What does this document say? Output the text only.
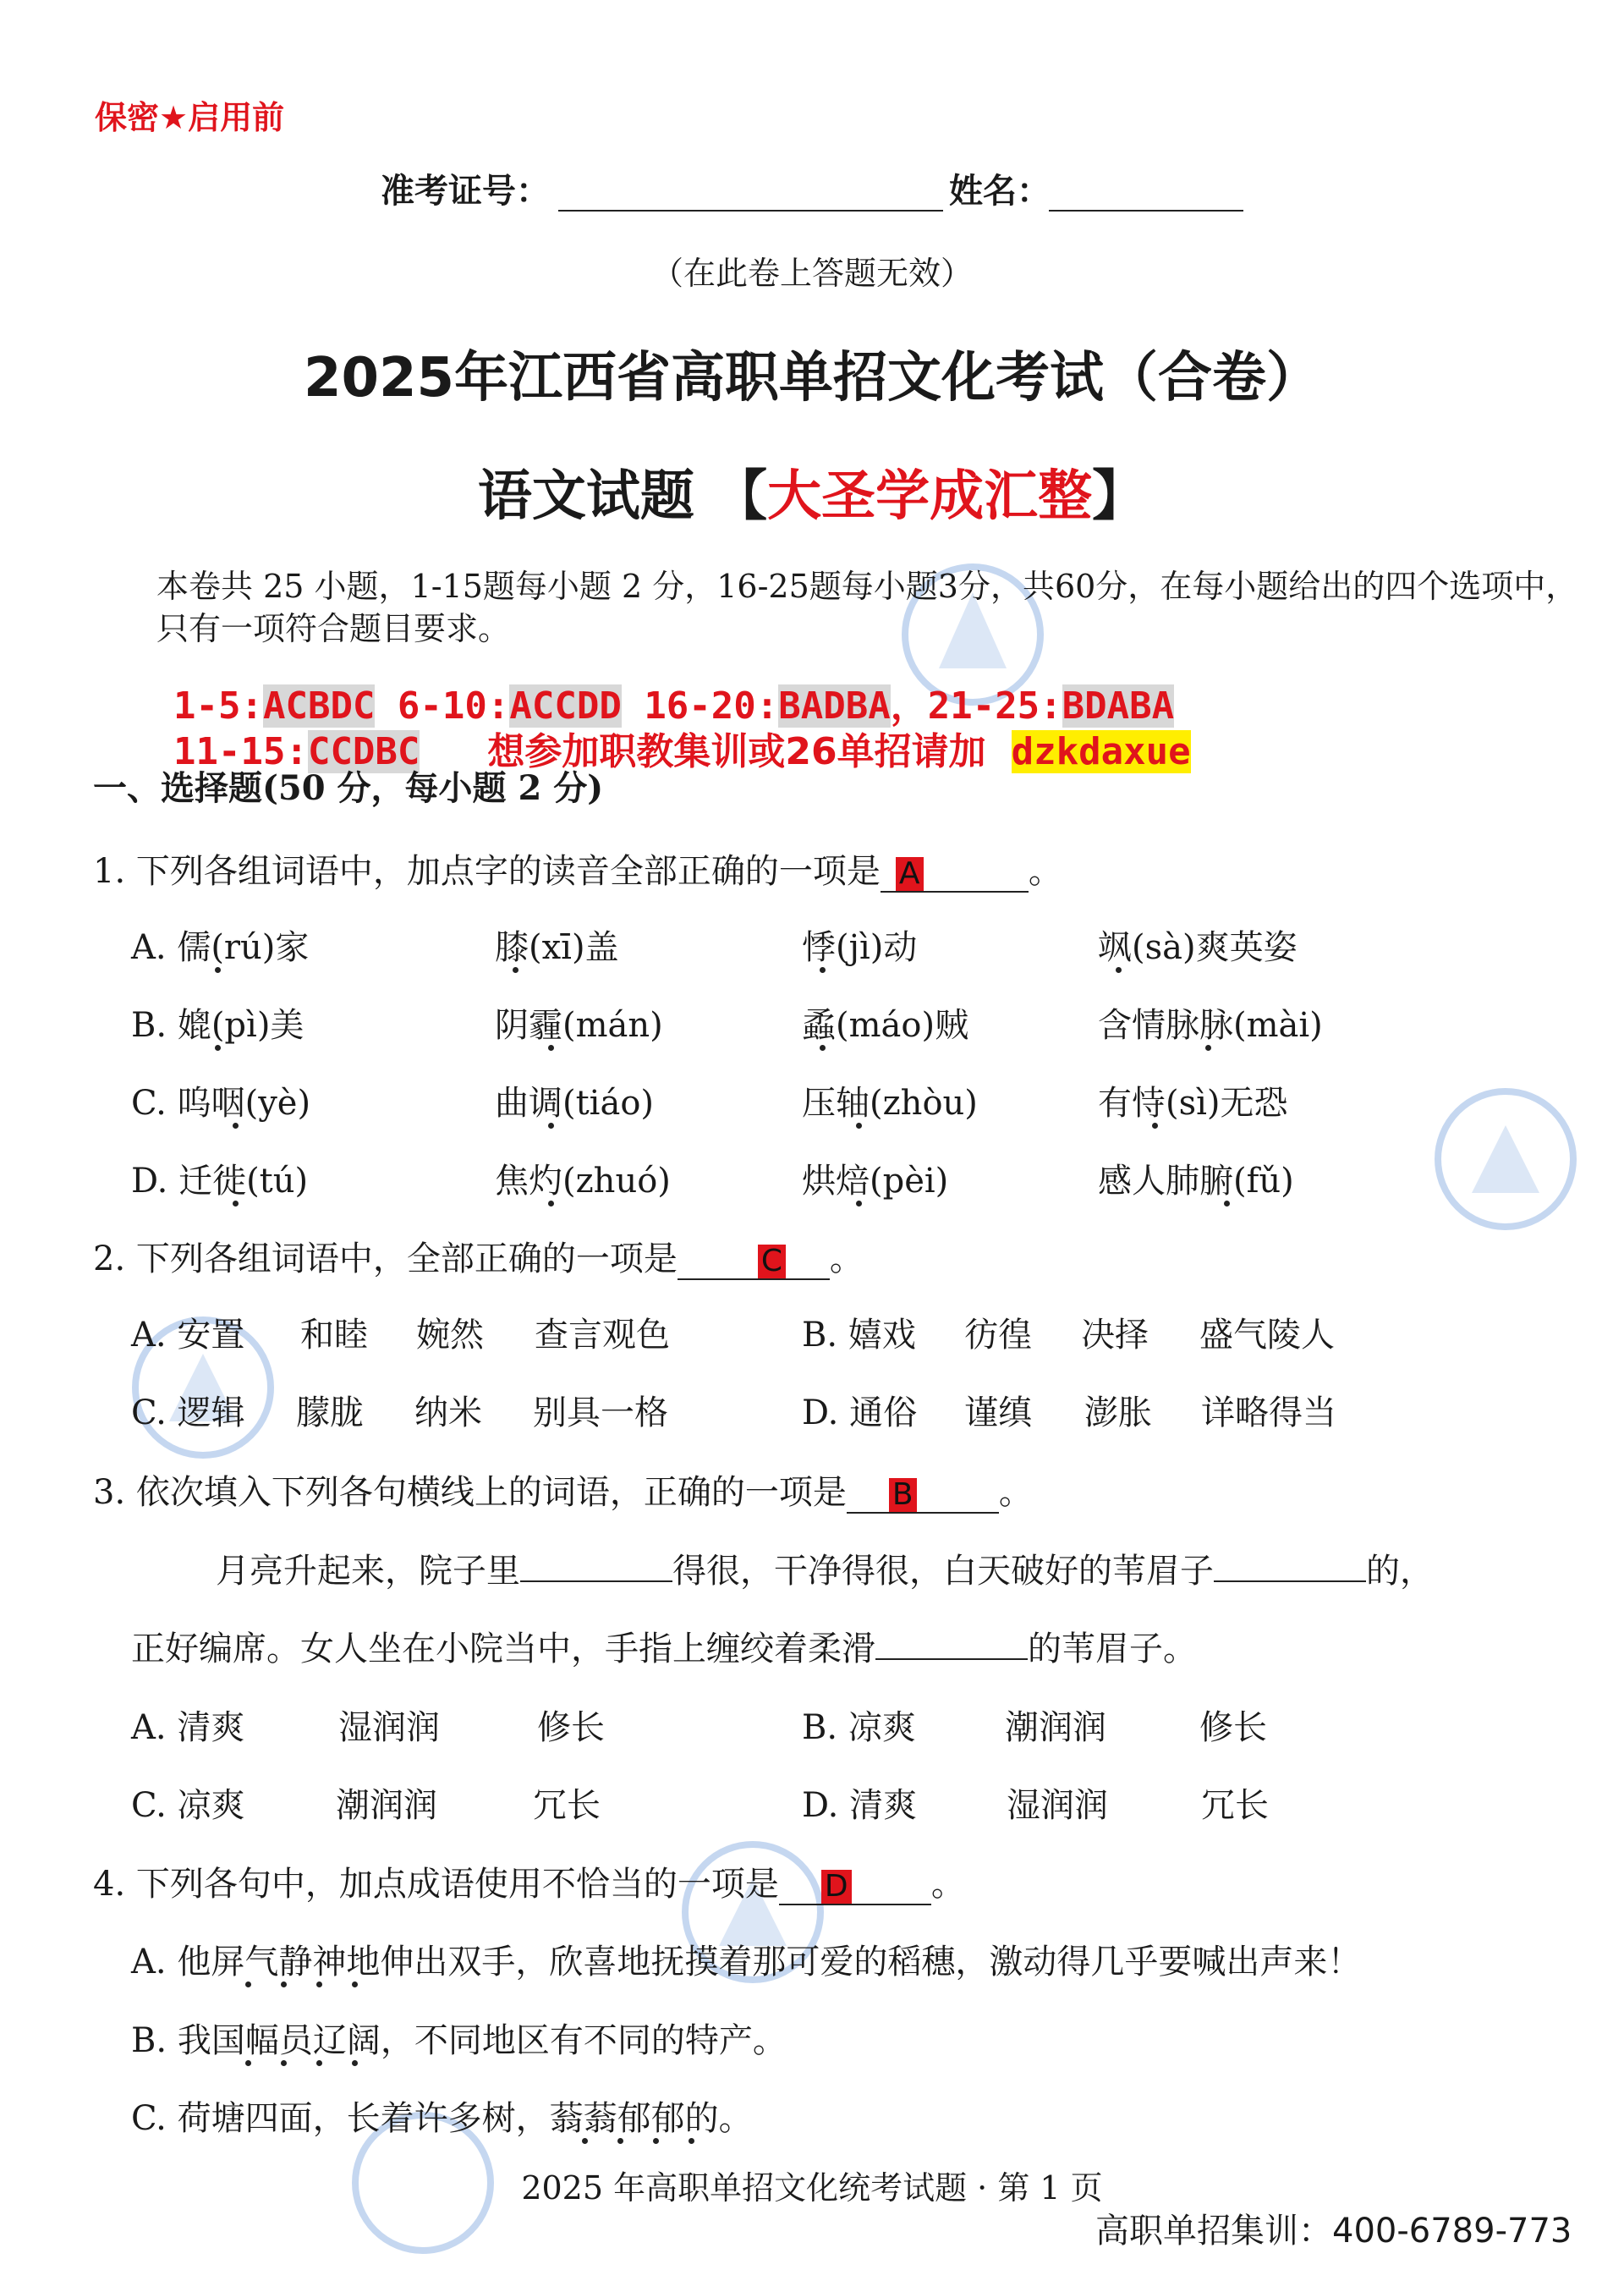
保密★启用前
准考证号：	姓名：
（在此卷上答题无效）
2025年江西省高职单招文化考试（合卷）
语文试题 【大圣学成汇整】
本卷共 25 小题，1-15题每小题 2 分，16-25题每小题3分，共60分，在每小题给出的四个选项中，只有一项符合题目要求。
1-5:ACBDC 6-10:ACCDD 16-20:BADBA，21-25:BDABA
11-15:CCDBC 想参加职教集训或26单招请加 dzkdaxue
一、选择题(50 分，每小题 2 分)
1. 下列各组词语中，加点字的读音全部正确的一项是 A	。
A. 儒(rú)家	膝(xī)盖	悸(jì)动	飒(sà)爽英姿
B. 媲(pì)美	阴霾(mán)	蟊(máo)贼	含情脉脉(mài)
C. 呜咽(yè)	曲调(tiáo)	压轴(zhòu)	有恃(sì)无恐
D. 迁徙(tú)	焦灼(zhuó)	烘焙(pèi)	感人肺腑(fǔ)
2. 下列各组词语中，全部正确的一项是	C 。
A. 安置 和睦 婉然 查言观色	B. 嬉戏 彷徨 决择 盛气陵人
C. 逻辑 朦胧 纳米 别具一格	D. 通俗 谨缜 澎胀 详略得当
3. 依次填入下列各句横线上的词语，正确的一项是 B	。
月亮升起来，院子里	得很，干净得很，白天破好的苇眉子	的，
正好编席。女人坐在小院当中，手指上缠绞着柔滑	的苇眉子。
A. 清爽	湿润润	修长	B. 凉爽	潮润润	修长
C. 凉爽	潮润润	冗长	D. 清爽	湿润润	冗长
4. 下列各句中，加点成语使用不恰当的一项是 D 。
A. 他屏气静神地伸出双手，欣喜地抚摸着那可爱的稻穗，激动得几乎要喊出声来！
B. 我国幅员辽阔，不同地区有不同的特产。
C. 荷塘四面，长着许多树，蓊蓊郁郁的。
2025 年高职单招文化统考试题 · 第 1 页
高职单招集训：400-6789-773
